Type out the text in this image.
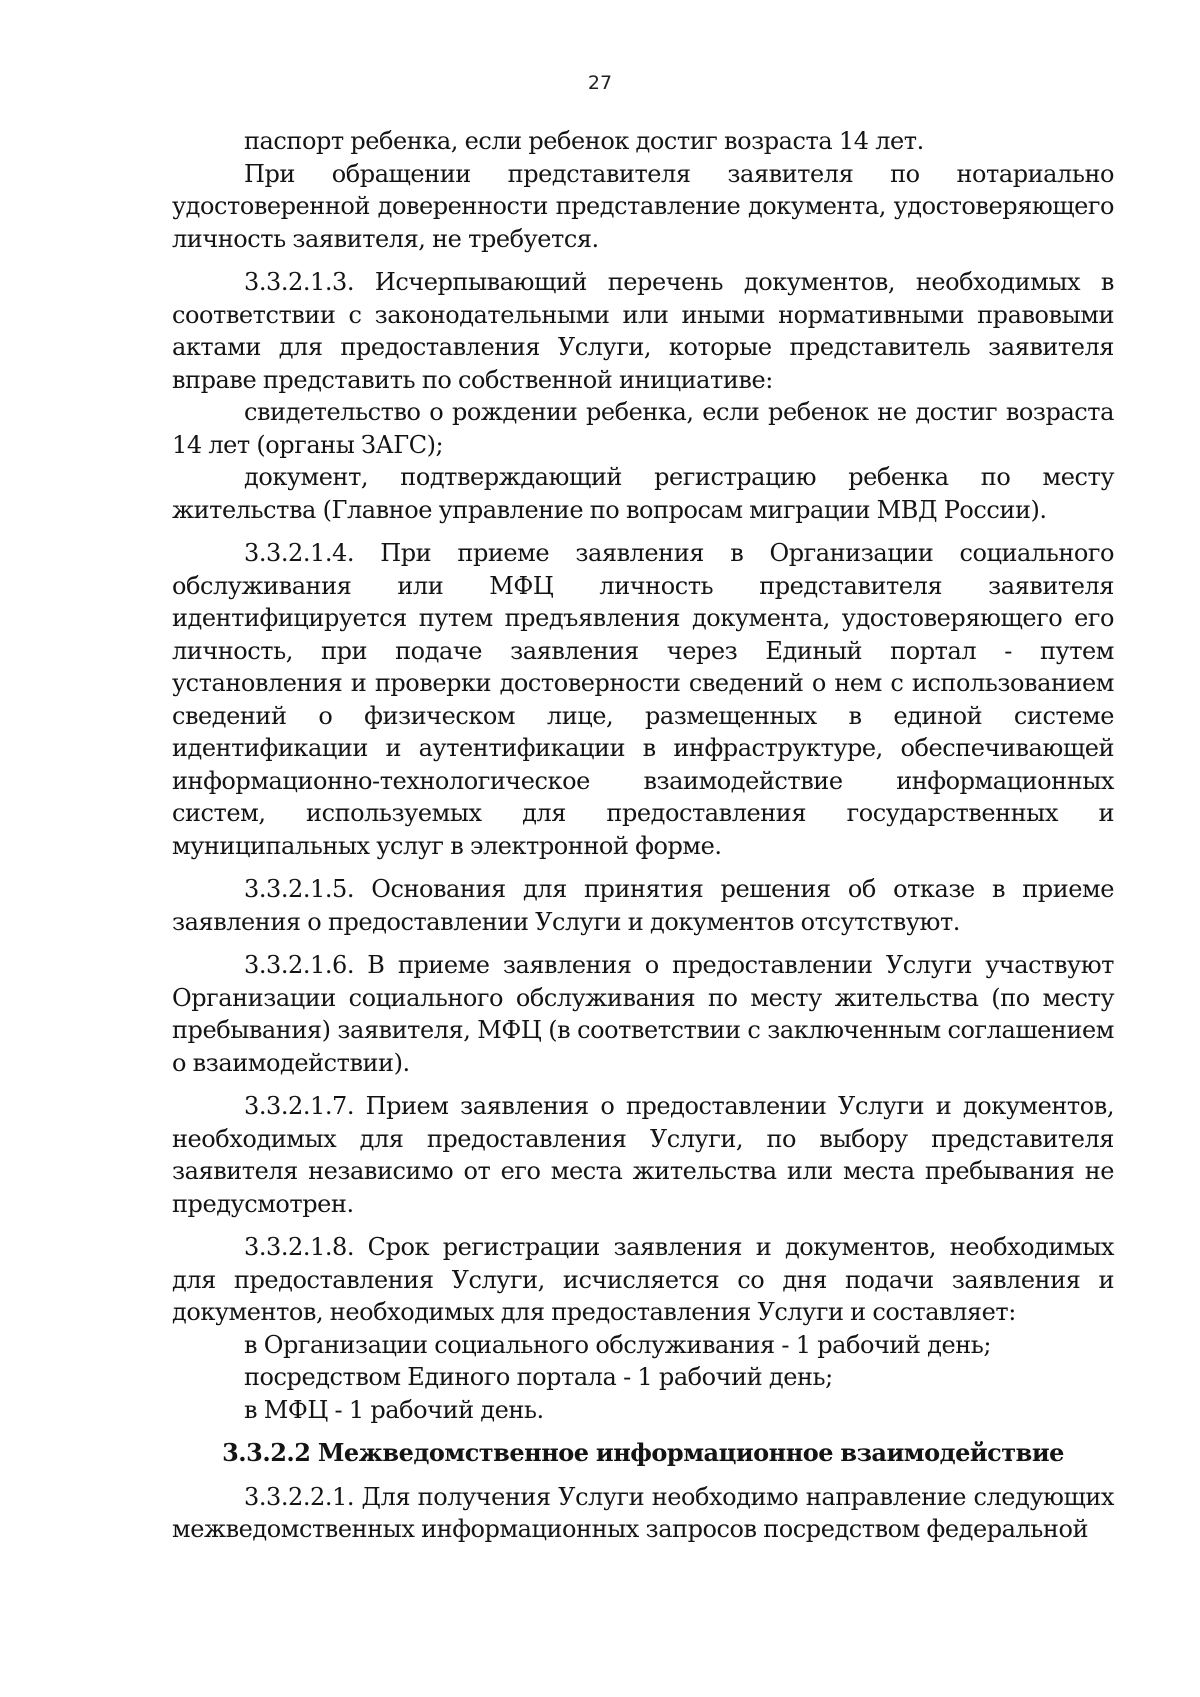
27

паспорт ребенка, если ребенок достиг возраста 14 лет.

При обращении представителя заявителя по нотариально удостоверенной доверенности представление документа, удостоверяющего личность заявителя, не требуется.

3.3.2.1.3. Исчерпывающий перечень документов, необходимых в соответствии с законодательными или иными нормативными правовыми актами для предоставления Услуги, которые представитель заявителя вправе представить по собственной инициативе:

свидетельство о рождении ребенка, если ребенок не достиг возраста 14 лет (органы ЗАГС);

документ, подтверждающий регистрацию ребенка по месту жительства (Главное управление по вопросам миграции МВД России).

3.3.2.1.4. При приеме заявления в Организации социального обслуживания или МФЦ личность представителя заявителя идентифицируется путем предъявления документа, удостоверяющего его личность, при подаче заявления через Единый портал - путем установления и проверки достоверности сведений о нем с использованием сведений о физическом лице, размещенных в единой системе идентификации и аутентификации в инфраструктуре, обеспечивающей информационно-технологическое взаимодействие информационных систем, используемых для предоставления государственных и муниципальных услуг в электронной форме.

3.3.2.1.5. Основания для принятия решения об отказе в приеме заявления о предоставлении Услуги и документов отсутствуют.

3.3.2.1.6. В приеме заявления о предоставлении Услуги участвуют Организации социального обслуживания по месту жительства (по месту пребывания) заявителя, МФЦ (в соответствии с заключенным соглашением о взаимодействии).

3.3.2.1.7. Прием заявления о предоставлении Услуги и документов, необходимых для предоставления Услуги, по выбору представителя заявителя независимо от его места жительства или места пребывания не предусмотрен.

3.3.2.1.8. Срок регистрации заявления и документов, необходимых для предоставления Услуги, исчисляется со дня подачи заявления и документов, необходимых для предоставления Услуги и составляет:

в Организации социального обслуживания - 1 рабочий день;

посредством Единого портала - 1 рабочий день;

в МФЦ - 1 рабочий день.

3.3.2.2 Межведомственное информационное взаимодействие

3.3.2.2.1. Для получения Услуги необходимо направление следующих межведомственных информационных запросов посредством федеральной
